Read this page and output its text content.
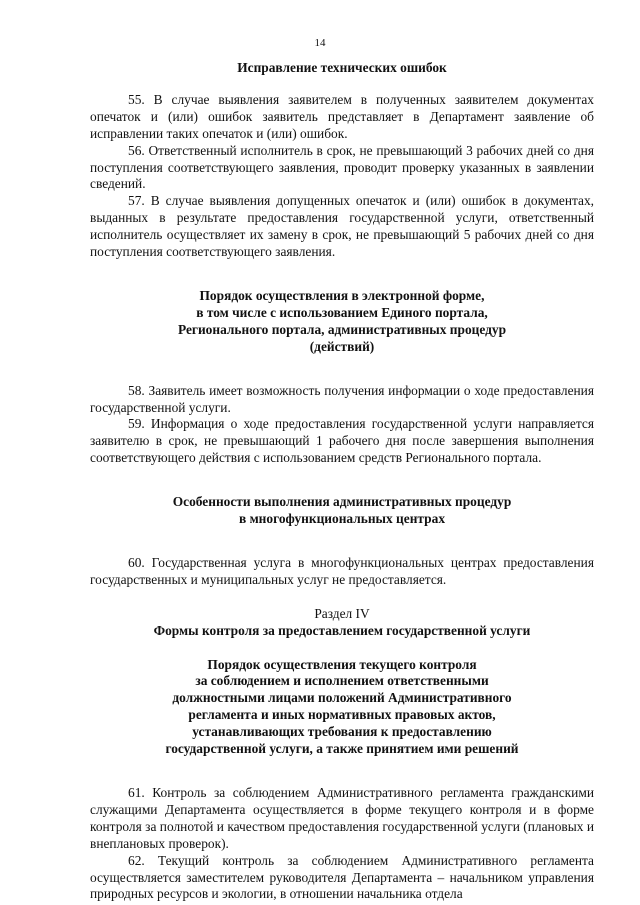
14
Исправление технических ошибок

55. В случае выявления заявителем в полученных заявителем документах опечаток и (или) ошибок заявитель представляет в Департамент заявление об исправлении таких опечаток и (или) ошибок.

56. Ответственный исполнитель в срок, не превышающий 3 рабочих дней со дня поступления соответствующего заявления, проводит проверку указанных в заявлении сведений.

57. В случае выявления допущенных опечаток и (или) ошибок в документах, выданных в результате предоставления государственной услуги, ответственный исполнитель осуществляет их замену в срок, не превышающий 5 рабочих дней со дня поступления соответствующего заявления.

Порядок осуществления в электронной форме,
в том числе с использованием Единого портала,
Регионального портала, административных процедур
(действий)

58. Заявитель имеет возможность получения информации о ходе предоставления государственной услуги.

59. Информация о ходе предоставления государственной услуги направляется заявителю в срок, не превышающий 1 рабочего дня после завершения выполнения соответствующего действия с использованием средств Регионального портала.

Особенности выполнения административных процедур
в многофункциональных центрах

60. Государственная услуга в многофункциональных центрах предоставления государственных и муниципальных услуг не предоставляется.

Раздел IV
Формы контроля за предоставлением государственной услуги
Порядок осуществления текущего контроля
за соблюдением и исполнением ответственными
должностными лицами положений Административного
регламента и иных нормативных правовых актов,
устанавливающих требования к предоставлению
государственной услуги, а также принятием ими решений

61. Контроль за соблюдением Административного регламента гражданскими служащими Департамента осуществляется в форме текущего контроля и в форме контроля за полнотой и качеством предоставления государственной услуги (плановых и внеплановых проверок).

62. Текущий контроль за соблюдением Административного регламента осуществляется заместителем руководителя Департамента – начальником управления природных ресурсов и экологии, в отношении начальника отдела
